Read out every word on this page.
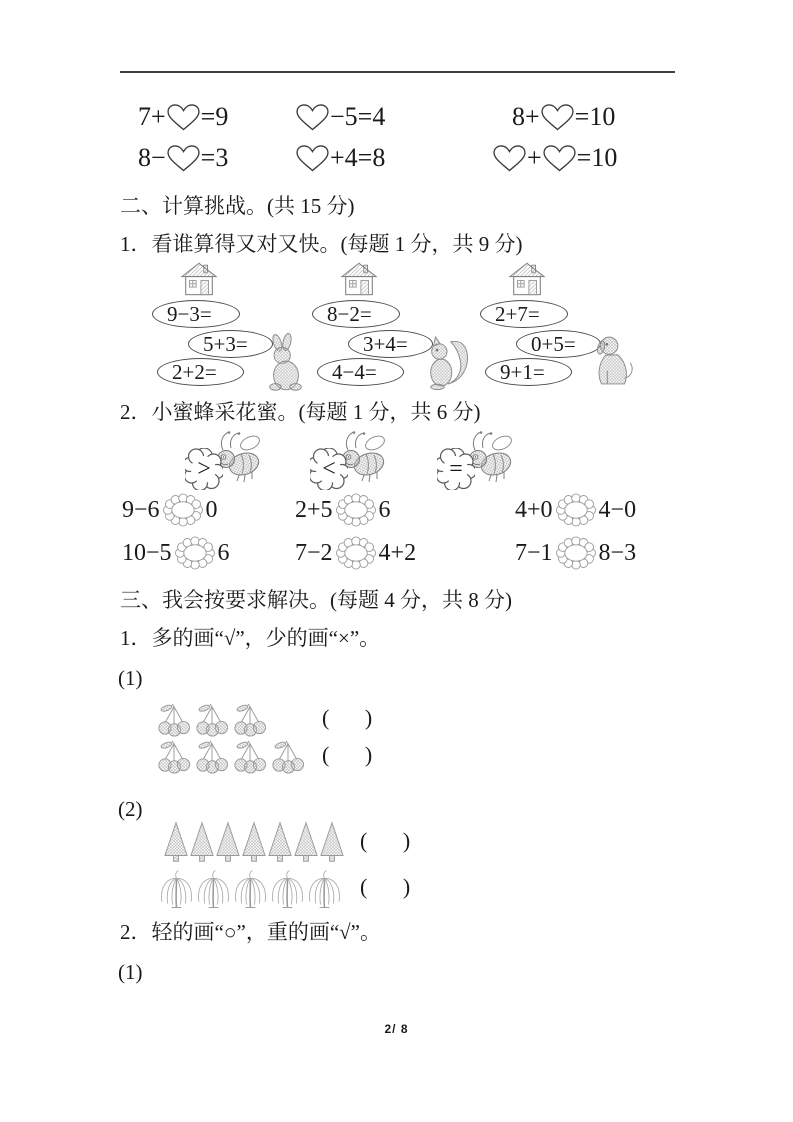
7+ =9	−5=4	8+ =10
8− =3	+4=8	+ =10
二、计算挑战。(共 15 分)
1．看谁算得又对又快。(每题 1 分，共 9 分)
9−3=
5+3=
2+2=
8−2=
3+4=
4−4=
2+7=
0+5=
9+1=
2．小蜜蜂采花蜜。(每题 1 分，共 6 分)
>	<	=
9−6 0	2+5 6	4+0 4−0
10−5 6	7−2 4+2	7−1 8−3
三、我会按要求解决。(每题 4 分，共 8 分)
1．多的画“√”，少的画“×”。
(1)
( )
( )
(2)
( )
( )
2．轻的画“○”，重的画“√”。
(1)
2/ 8
